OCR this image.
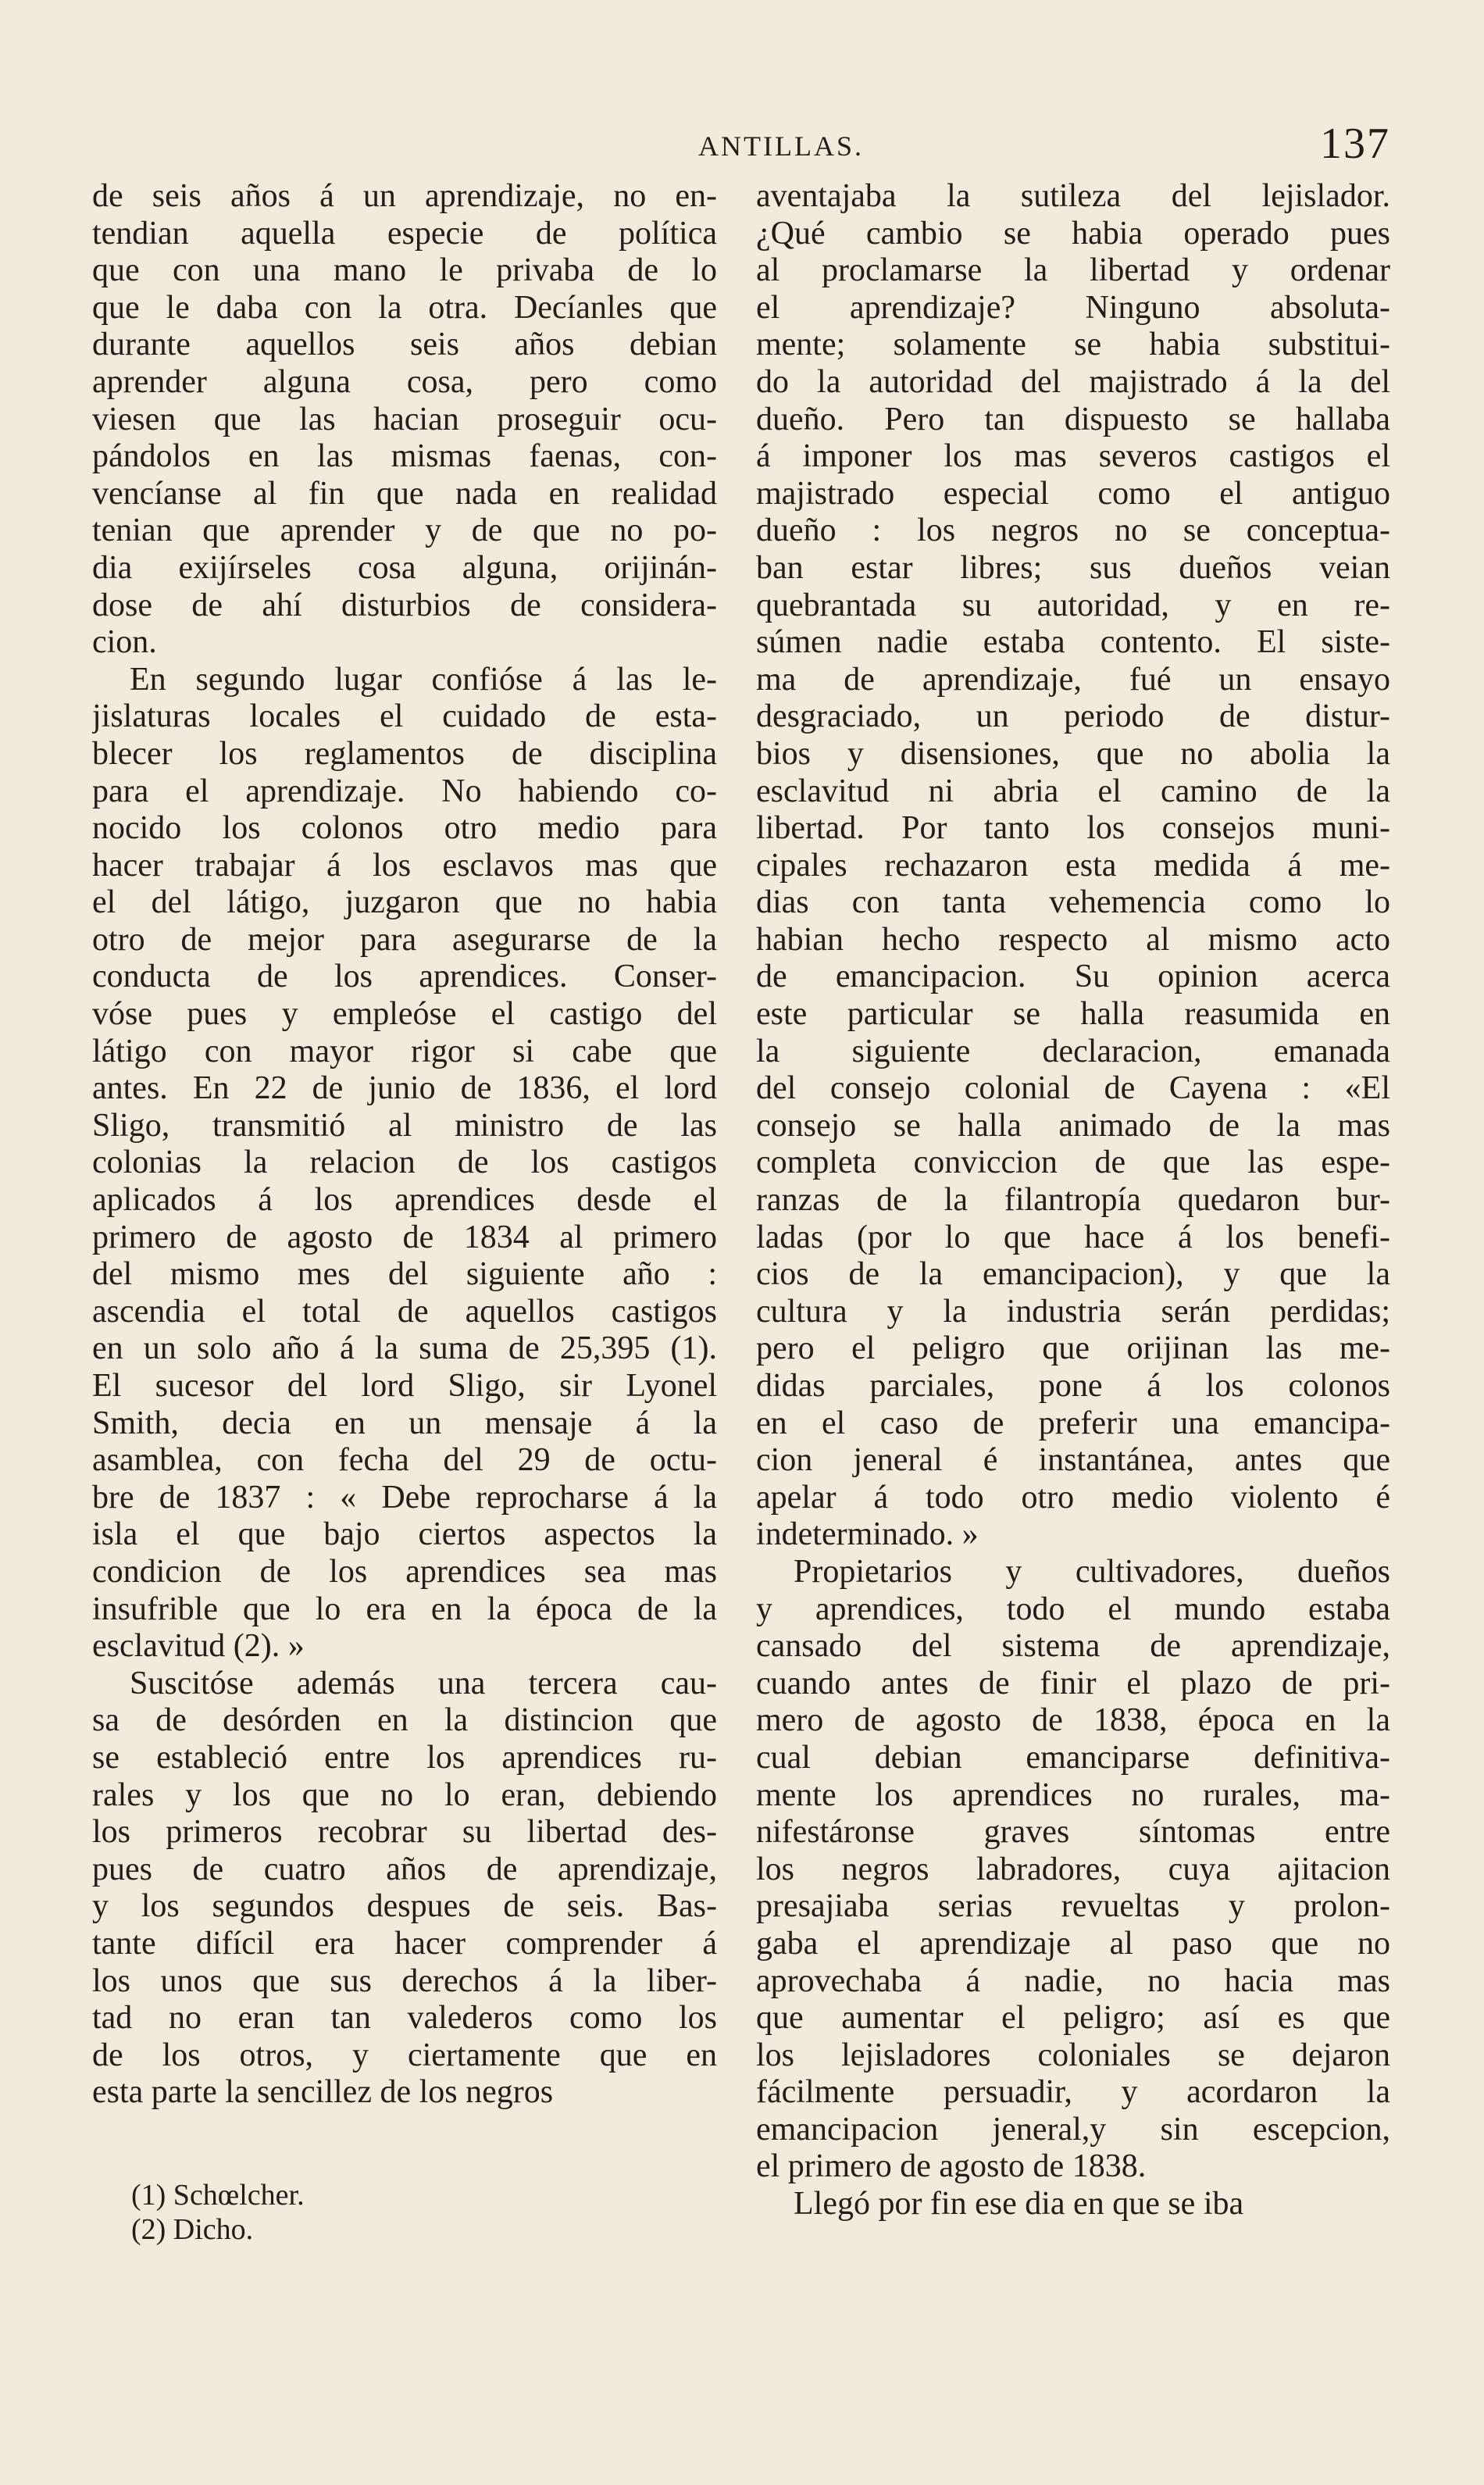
ANTILLAS.	137
de seis años á un aprendizaje, no en-
tendian aquella especie de política
que con una mano le privaba de lo
que le daba con la otra. Decíanles que
durante aquellos seis años debian
aprender alguna cosa, pero como
viesen que las hacian proseguir ocu-
pándolos en las mismas faenas, con-
vencíanse al fin que nada en realidad
tenian que aprender y de que no po-
dia exijírseles cosa alguna, orijinán-
dose de ahí disturbios de considera-
cion.
En segundo lugar confióse á las le-
jislaturas locales el cuidado de esta-
blecer los reglamentos de disciplina
para el aprendizaje. No habiendo co-
nocido los colonos otro medio para
hacer trabajar á los esclavos mas que
el del látigo, juzgaron que no habia
otro de mejor para asegurarse de la
conducta de los aprendices. Conser-
vóse pues y empleóse el castigo del
látigo con mayor rigor si cabe que
antes. En 22 de junio de 1836, el lord
Sligo, transmitió al ministro de las
colonias la relacion de los castigos
aplicados á los aprendices desde el
primero de agosto de 1834 al primero
del mismo mes del siguiente año :
ascendia el total de aquellos castigos
en un solo año á la suma de 25,395 (1).
El sucesor del lord Sligo, sir Lyonel
Smith, decia en un mensaje á la
asamblea, con fecha del 29 de octu-
bre de 1837 : « Debe reprocharse á la
isla el que bajo ciertos aspectos la
condicion de los aprendices sea mas
insufrible que lo era en la época de la
esclavitud (2). »
Suscitóse además una tercera cau-
sa de desórden en la distincion que
se estableció entre los aprendices ru-
rales y los que no lo eran, debiendo
los primeros recobrar su libertad des-
pues de cuatro años de aprendizaje,
y los segundos despues de seis. Bas-
tante difícil era hacer comprender á
los unos que sus derechos á la liber-
tad no eran tan valederos como los
de los otros, y ciertamente que en
esta parte la sencillez de los negros
aventajaba la sutileza del lejislador.
¿Qué cambio se habia operado pues
al proclamarse la libertad y ordenar
el aprendizaje? Ninguno absoluta-
mente; solamente se habia substitui-
do la autoridad del majistrado á la del
dueño. Pero tan dispuesto se hallaba
á imponer los mas severos castigos el
majistrado especial como el antiguo
dueño : los negros no se conceptua-
ban estar libres; sus dueños veian
quebrantada su autoridad, y en re-
súmen nadie estaba contento. El siste-
ma de aprendizaje, fué un ensayo
desgraciado, un periodo de distur-
bios y disensiones, que no abolia la
esclavitud ni abria el camino de la
libertad. Por tanto los consejos muni-
cipales rechazaron esta medida á me-
dias con tanta vehemencia como lo
habian hecho respecto al mismo acto
de emancipacion. Su opinion acerca
este particular se halla reasumida en
la siguiente declaracion, emanada
del consejo colonial de Cayena : «El
consejo se halla animado de la mas
completa conviccion de que las espe-
ranzas de la filantropía quedaron bur-
ladas (por lo que hace á los benefi-
cios de la emancipacion), y que la
cultura y la industria serán perdidas;
pero el peligro que orijinan las me-
didas parciales, pone á los colonos
en el caso de preferir una emancipa-
cion jeneral é instantánea, antes que
apelar á todo otro medio violento é
indeterminado. »
Propietarios y cultivadores, dueños
y aprendices, todo el mundo estaba
cansado del sistema de aprendizaje,
cuando antes de finir el plazo de pri-
mero de agosto de 1838, época en la
cual debian emanciparse definitiva-
mente los aprendices no rurales, ma-
nifestáronse graves síntomas entre
los negros labradores, cuya ajitacion
presajiaba serias revueltas y prolon-
gaba el aprendizaje al paso que no
aprovechaba á nadie, no hacia mas
que aumentar el peligro; así es que
los lejisladores coloniales se dejaron
fácilmente persuadir, y acordaron la
emancipacion jeneral,y sin escepcion,
el primero de agosto de 1838.
Llegó por fin ese dia en que se iba
(1) Schœlcher.
(2) Dicho.
